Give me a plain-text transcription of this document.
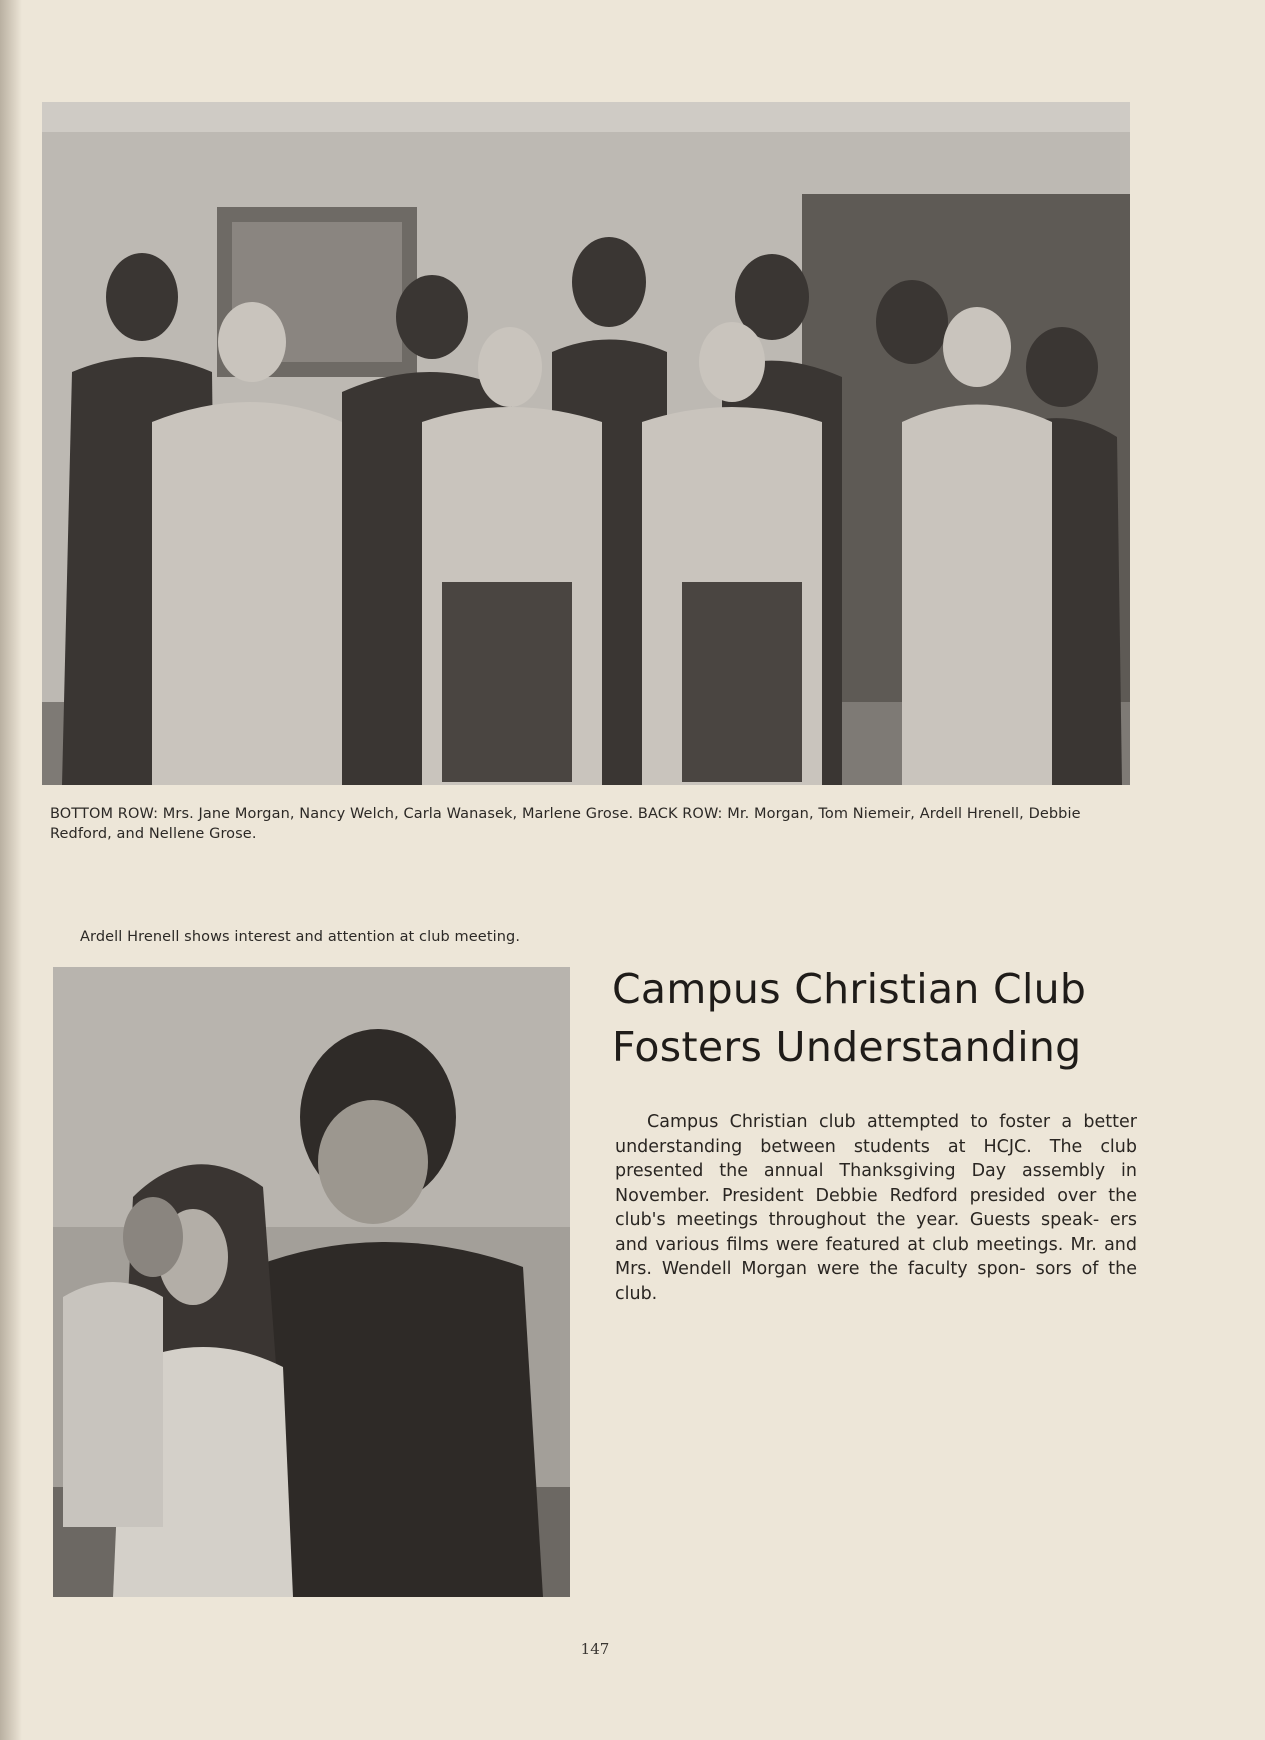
BOTTOM ROW: Mrs. Jane Morgan, Nancy Welch, Carla Wanasek, Marlene Grose. BACK ROW: Mr. Morgan, Tom Niemeir, Ardell Hrenell, Debbie Redford, and Nellene Grose.
Ardell Hrenell shows interest and attention at club meeting.
Campus Christian Club
Fosters Understanding

Campus Christian club attempted to foster a better understanding between students at HCJC. The club presented the annual Thanksgiving Day assembly in November. President Debbie Redford presided over the club's meetings throughout the year. Guests speak- ers and various films were featured at club meetings. Mr. and Mrs. Wendell Morgan were the faculty spon- sors of the club.

147
